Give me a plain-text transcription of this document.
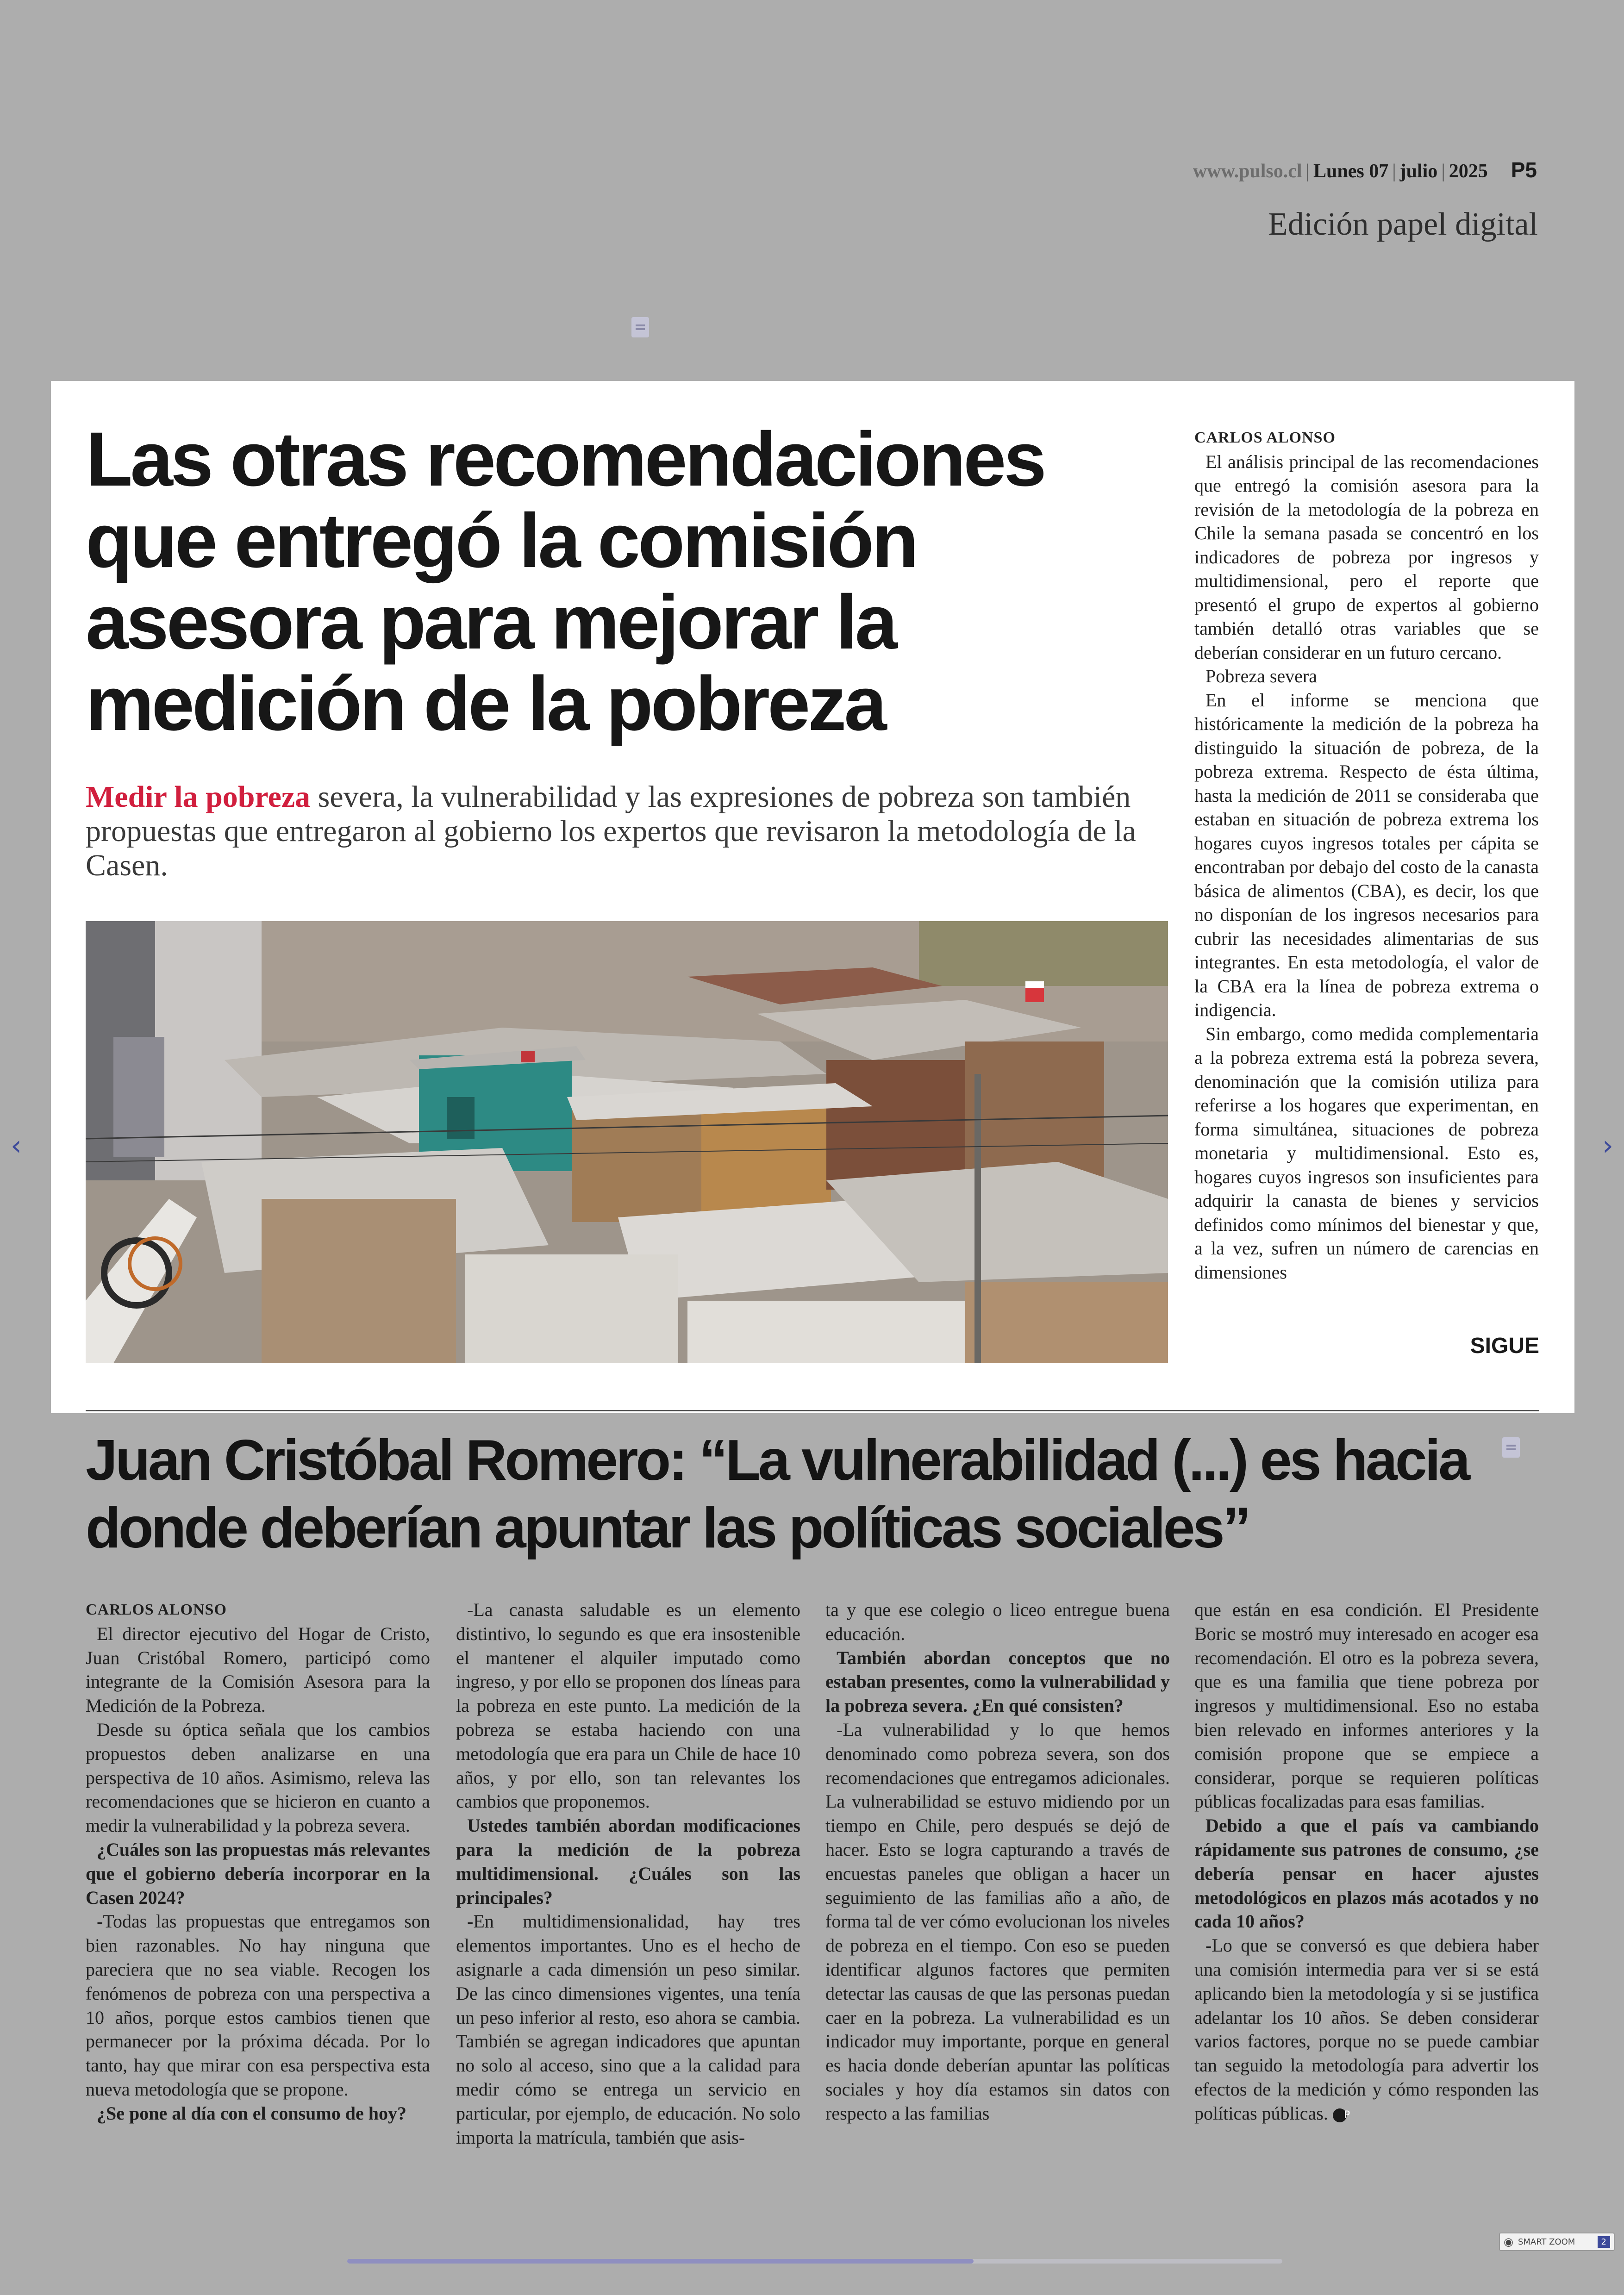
www.pulso.cl | Lunes 07 | julio | 2025 P5
Edición papel digital
Las otras recomendaciones que entregó la comisión asesora para mejorar la medición de la pobreza
Medir la pobreza severa, la vulnerabilidad y las expresiones de pobreza son también propuestas que entregaron al gobierno los expertos que revisaron la metodología de la Casen.
CARLOS ALONSO

El análisis principal de las recomendaciones que entregó la comisión asesora para la revisión de la metodología de la pobreza en Chile la semana pasada se concentró en los indicadores de pobreza por ingresos y multidimensional, pero el reporte que presentó el grupo de expertos al gobierno también detalló otras variables que se deberían considerar en un futuro cercano.

Pobreza severa

En el informe se menciona que históricamente la medición de la pobreza ha distinguido la situación de pobreza, de la pobreza extrema. Respecto de ésta última, hasta la medición de 2011 se consideraba que estaban en situación de pobreza extrema los hogares cuyos ingresos totales per cápita se encontraban por debajo del costo de la canasta básica de alimentos (CBA), es decir, los que no disponían de los ingresos necesarios para cubrir las necesidades alimentarias de sus integrantes. En esta metodología, el valor de la CBA era la línea de pobreza extrema o indigencia.

Sin embargo, como medida complementaria a la pobreza extrema está la pobreza severa, denominación que la comisión utiliza para referirse a los hogares que experimentan, en forma simultánea, situaciones de pobreza monetaria y multidimensional. Esto es, hogares cuyos ingresos son insuficientes para adquirir la canasta de bienes y servicios definidos como mínimos del bienestar y que, a la vez, sufren un número de carencias en dimensiones

SIGUE
Juan Cristóbal Romero: “La vulnerabilidad (...) es hacia donde deberían apuntar las políticas sociales”
CARLOS ALONSO

El director ejecutivo del Hogar de Cristo, Juan Cristóbal Romero, participó como integrante de la Comisión Asesora para la Medición de la Pobreza.

Desde su óptica señala que los cambios propuestos deben analizarse en una perspectiva de 10 años. Asimismo, releva las recomendaciones que se hicieron en cuanto a medir la vulnerabilidad y la pobreza severa.

¿Cuáles son las propuestas más relevantes que el gobierno debería incorporar en la Casen 2024?

-Todas las propuestas que entregamos son bien razonables. No hay ninguna que pareciera que no sea viable. Recogen los fenómenos de pobreza con una perspectiva a 10 años, porque estos cambios tienen que permanecer por la próxima década. Por lo tanto, hay que mirar con esa perspectiva esta nueva metodología que se propone.

¿Se pone al día con el consumo de hoy?

-La canasta saludable es un elemento distintivo, lo segundo es que era insostenible el mantener el alquiler imputado como ingreso, y por ello se proponen dos líneas para la pobreza en este punto. La medición de la pobreza se estaba haciendo con una metodología que era para un Chile de hace 10 años, y por ello, son tan relevantes los cambios que proponemos.

Ustedes también abordan modificaciones para la medición de la pobreza multidimensional. ¿Cuáles son las principales?

-En multidimensionalidad, hay tres elementos importantes. Uno es el hecho de asignarle a cada dimensión un peso similar. De las cinco dimensiones vigentes, una tenía un peso inferior al resto, eso ahora se cambia. También se agregan indicadores que apuntan no solo al acceso, sino que a la calidad para medir cómo se entrega un servicio en particular, por ejemplo, de educación. No solo importa la matrícula, también que asis-

ta y que ese colegio o liceo entregue buena educación.

También abordan conceptos que no estaban presentes, como la vulnerabilidad y la pobreza severa. ¿En qué consisten?

-La vulnerabilidad y lo que hemos denominado como pobreza severa, son dos recomendaciones que entregamos adicionales. La vulnerabilidad se estuvo midiendo por un tiempo en Chile, pero después se dejó de hacer. Esto se logra capturando a través de encuestas paneles que obligan a hacer un seguimiento de las familias año a año, de forma tal de ver cómo evolucionan los niveles de pobreza en el tiempo. Con eso se pueden identificar algunos factores que permiten detectar las causas de que las personas puedan caer en la pobreza. La vulnerabilidad es un indicador muy importante, porque en general es hacia donde deberían apuntar las políticas sociales y hoy día estamos sin datos con respecto a las familias

que están en esa condición. El Presidente Boric se mostró muy interesado en acoger esa recomendación. El otro es la pobreza severa, que es una familia que tiene pobreza por ingresos y multidimensional. Eso no estaba bien relevado en informes anteriores y la comisión propone que se empiece a considerar, porque se requieren políticas públicas focalizadas para esas familias.

Debido a que el país va cambiando rápidamente sus patrones de consumo, ¿se debería pensar en hacer ajustes metodológicos en plazos más acotados y no cada 10 años?

-Lo que se conversó es que debiera haber una comisión intermedia para ver si se está aplicando bien la metodología y si se justifica adelantar los 10 años. Se deben considerar varios factores, porque no se puede cambiar tan seguido la metodología para advertir los efectos de la medición y cómo responden las políticas públicas. P

‹	›
◉ SMART ZOOM	2
